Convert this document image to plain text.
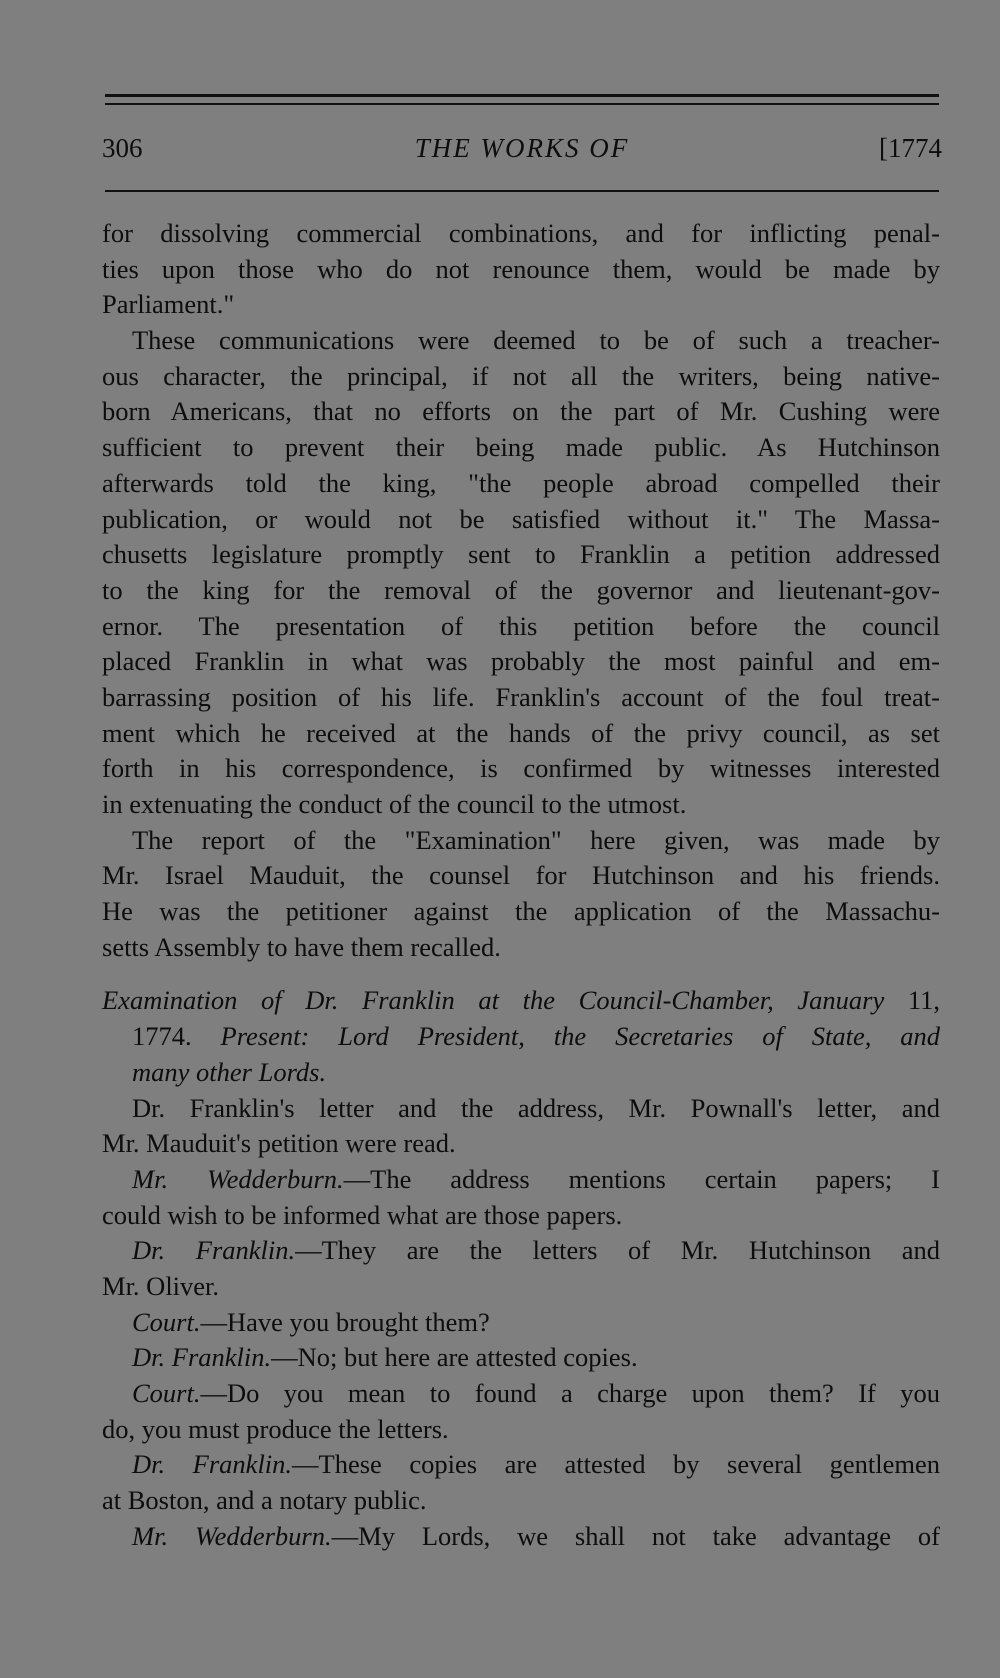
306	THE WORKS OF	[1774
for dissolving commercial combinations, and for inflicting penal-
ties upon those who do not renounce them, would be made by
Parliament."
These communications were deemed to be of such a treacher-
ous character, the principal, if not all the writers, being native-
born Americans, that no efforts on the part of Mr. Cushing were
sufficient to prevent their being made public. As Hutchinson
afterwards told the king, "the people abroad compelled their
publication, or would not be satisfied without it." The Massa-
chusetts legislature promptly sent to Franklin a petition addressed
to the king for the removal of the governor and lieutenant-gov-
ernor. The presentation of this petition before the council
placed Franklin in what was probably the most painful and em-
barrassing position of his life. Franklin's account of the foul treat-
ment which he received at the hands of the privy council, as set
forth in his correspondence, is confirmed by witnesses interested
in extenuating the conduct of the council to the utmost.
The report of the "Examination" here given, was made by
Mr. Israel Mauduit, the counsel for Hutchinson and his friends.
He was the petitioner against the application of the Massachu-
setts Assembly to have them recalled.
Examination of Dr. Franklin at the Council-Chamber, January 11,
1774. Present: Lord President, the Secretaries of State, and
many other Lords.
Dr. Franklin's letter and the address, Mr. Pownall's letter, and
Mr. Mauduit's petition were read.
Mr. Wedderburn.—The address mentions certain papers; I
could wish to be informed what are those papers.
Dr. Franklin.—They are the letters of Mr. Hutchinson and
Mr. Oliver.
Court.—Have you brought them?
Dr. Franklin.—No; but here are attested copies.
Court.—Do you mean to found a charge upon them? If you
do, you must produce the letters.
Dr. Franklin.—These copies are attested by several gentlemen
at Boston, and a notary public.
Mr. Wedderburn.—My Lords, we shall not take advantage of
